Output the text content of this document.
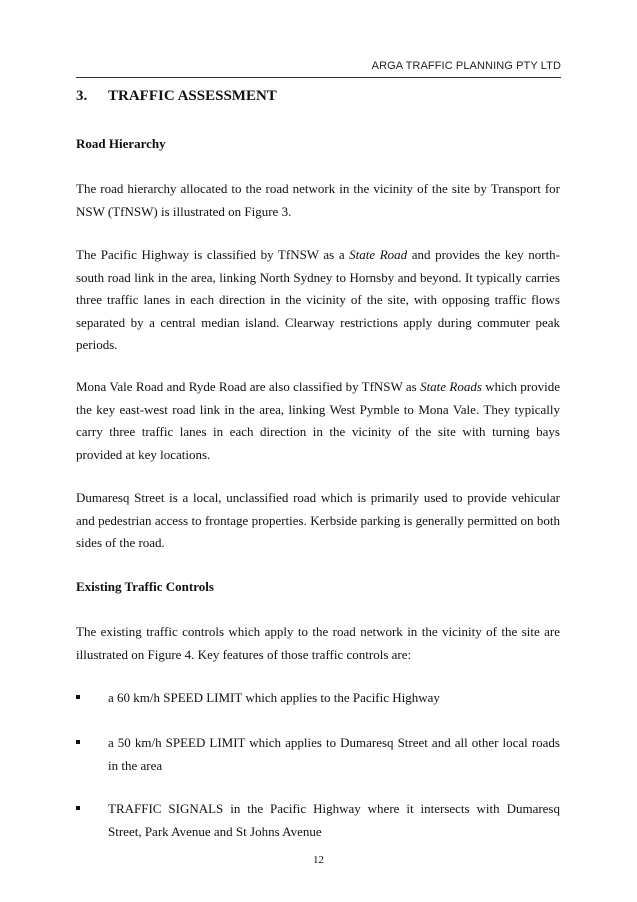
ARGA TRAFFIC PLANNING PTY LTD
3. TRAFFIC ASSESSMENT
Road Hierarchy
The road hierarchy allocated to the road network in the vicinity of the site by Transport for NSW (TfNSW) is illustrated on Figure 3.
The Pacific Highway is classified by TfNSW as a State Road and provides the key north-south road link in the area, linking North Sydney to Hornsby and beyond. It typically carries three traffic lanes in each direction in the vicinity of the site, with opposing traffic flows separated by a central median island. Clearway restrictions apply during commuter peak periods.
Mona Vale Road and Ryde Road are also classified by TfNSW as State Roads which provide the key east-west road link in the area, linking West Pymble to Mona Vale. They typically carry three traffic lanes in each direction in the vicinity of the site with turning bays provided at key locations.
Dumaresq Street is a local, unclassified road which is primarily used to provide vehicular and pedestrian access to frontage properties. Kerbside parking is generally permitted on both sides of the road.
Existing Traffic Controls
The existing traffic controls which apply to the road network in the vicinity of the site are illustrated on Figure 4. Key features of those traffic controls are:
a 60 km/h SPEED LIMIT which applies to the Pacific Highway
a 50 km/h SPEED LIMIT which applies to Dumaresq Street and all other local roads in the area
TRAFFIC SIGNALS in the Pacific Highway where it intersects with Dumaresq Street, Park Avenue and St Johns Avenue
12
